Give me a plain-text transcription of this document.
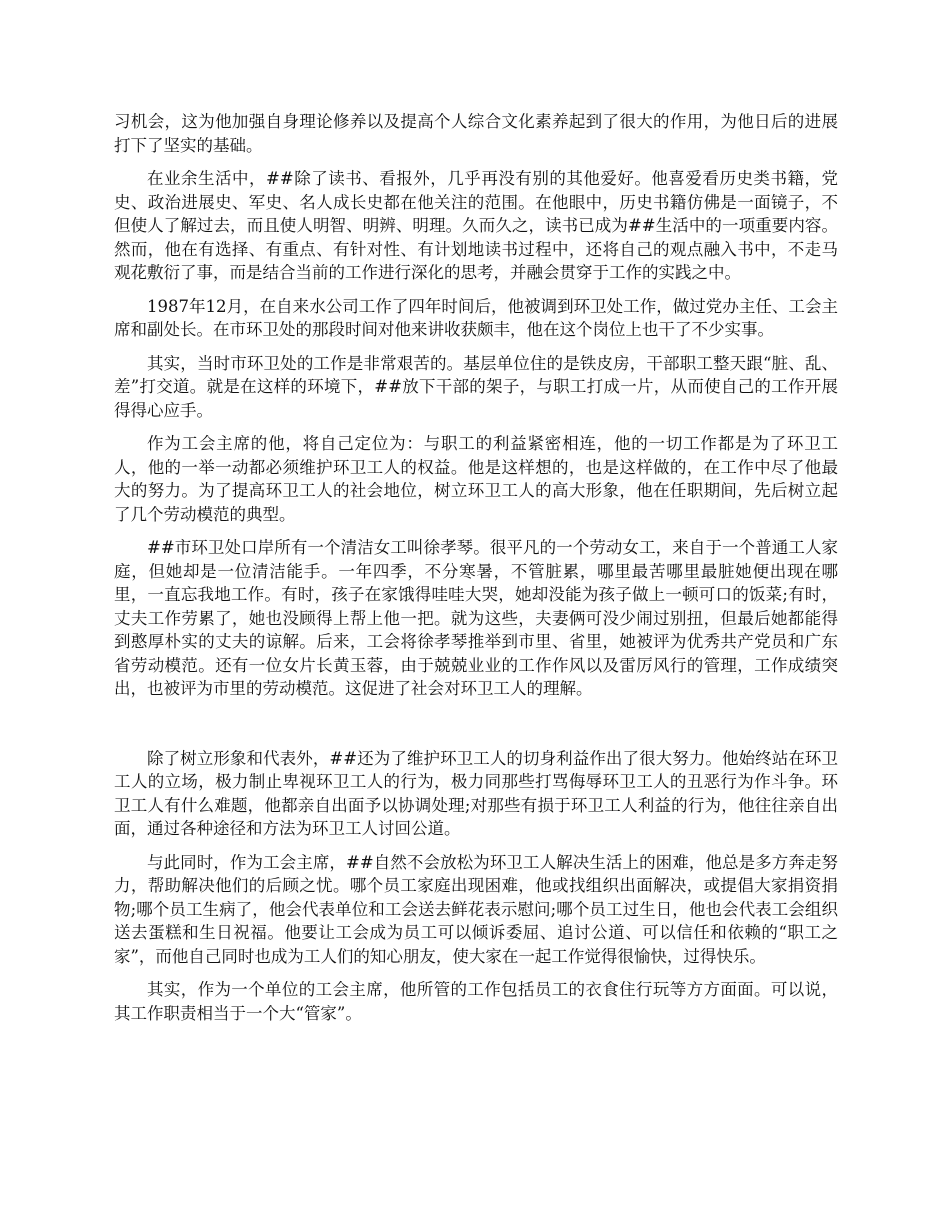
习机会，这为他加强自身理论修养以及提高个人综合文化素养起到了很大的作用，为他日后的进展打下了坚实的基础。

在业余生活中，##除了读书、看报外，几乎再没有别的其他爱好。他喜爱看历史类书籍，党史、政治进展史、军史、名人成长史都在他关注的范围。在他眼中，历史书籍仿佛是一面镜子，不但使人了解过去，而且使人明智、明辨、明理。久而久之，读书已成为##生活中的一项重要内容。然而，他在有选择、有重点、有针对性、有计划地读书过程中，还将自己的观点融入书中，不走马观花敷衍了事，而是结合当前的工作进行深化的思考，并融会贯穿于工作的实践之中。

1987年12月，在自来水公司工作了四年时间后，他被调到环卫处工作，做过党办主任、工会主席和副处长。在市环卫处的那段时间对他来讲收获颇丰，他在这个岗位上也干了不少实事。

其实，当时市环卫处的工作是非常艰苦的。基层单位住的是铁皮房，干部职工整天跟“脏、乱、差”打交道。就是在这样的环境下，##放下干部的架子，与职工打成一片，从而使自己的工作开展得得心应手。

作为工会主席的他，将自己定位为：与职工的利益紧密相连，他的一切工作都是为了环卫工人，他的一举一动都必须维护环卫工人的权益。他是这样想的，也是这样做的，在工作中尽了他最大的努力。为了提高环卫工人的社会地位，树立环卫工人的高大形象，他在任职期间，先后树立起了几个劳动模范的典型。

##市环卫处口岸所有一个清洁女工叫徐孝琴。很平凡的一个劳动女工，来自于一个普通工人家庭，但她却是一位清洁能手。一年四季，不分寒暑，不管脏累，哪里最苦哪里最脏她便出现在哪里，一直忘我地工作。有时，孩子在家饿得哇哇大哭，她却没能为孩子做上一顿可口的饭菜;有时，丈夫工作劳累了，她也没顾得上帮上他一把。就为这些，夫妻俩可没少闹过别扭，但最后她都能得到憨厚朴实的丈夫的谅解。后来，工会将徐孝琴推举到市里、省里，她被评为优秀共产党员和广东省劳动模范。还有一位女片长黄玉蓉，由于兢兢业业的工作作风以及雷厉风行的管理，工作成绩突出，也被评为市里的劳动模范。这促进了社会对环卫工人的理解。

除了树立形象和代表外，##还为了维护环卫工人的切身利益作出了很大努力。他始终站在环卫工人的立场，极力制止卑视环卫工人的行为，极力同那些打骂侮辱环卫工人的丑恶行为作斗争。环卫工人有什么难题，他都亲自出面予以协调处理;对那些有损于环卫工人利益的行为，他往往亲自出面，通过各种途径和方法为环卫工人讨回公道。

与此同时，作为工会主席，##自然不会放松为环卫工人解决生活上的困难，他总是多方奔走努力，帮助解决他们的后顾之忧。哪个员工家庭出现困难，他或找组织出面解决，或提倡大家捐资捐物;哪个员工生病了，他会代表单位和工会送去鲜花表示慰问;哪个员工过生日，他也会代表工会组织送去蛋糕和生日祝福。他要让工会成为员工可以倾诉委屈、追讨公道、可以信任和依赖的“职工之家”，而他自己同时也成为工人们的知心朋友，使大家在一起工作觉得很愉快，过得快乐。

其实，作为一个单位的工会主席，他所管的工作包括员工的衣食住行玩等方方面面。可以说，其工作职责相当于一个大“管家”。
